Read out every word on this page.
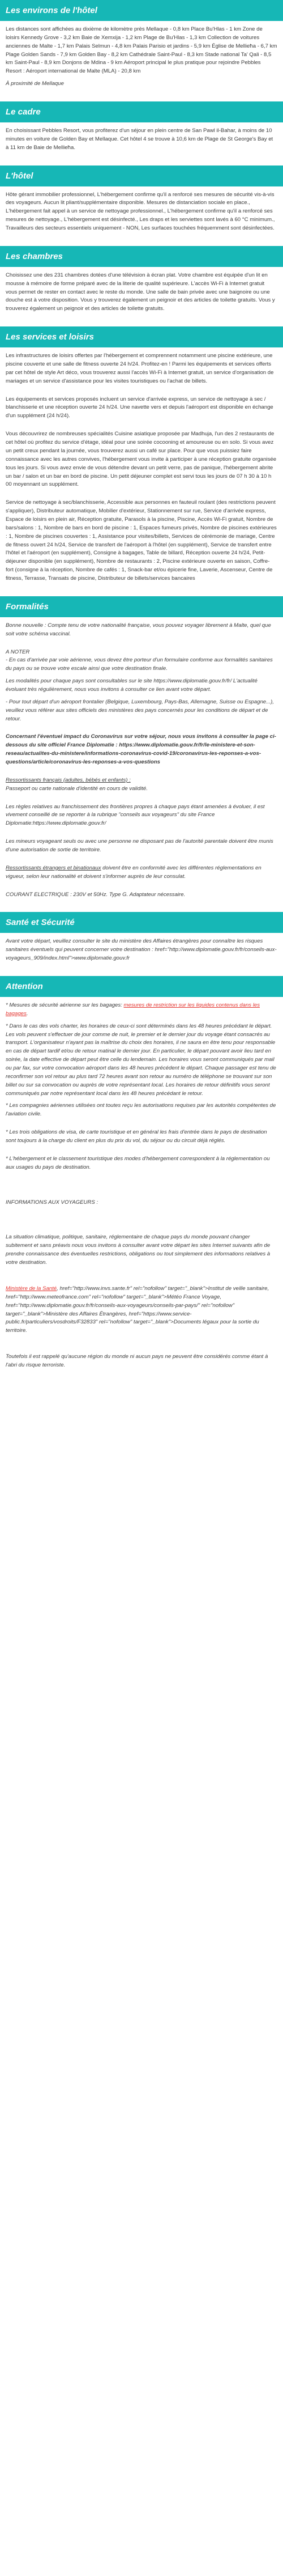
Les environs de l'hôtel

Les distances sont affichées au dixième de kilomètre près Mellaque - 0,8 km Place Bu'Hlas - 1 km Zone de loisirs Kennedy Grove - 3,2 km Baie de Xemxija - 1,2 km Plage de Bu'Hlas - 1,3 km Collection de voitures anciennes de Malte - 1,7 km Palais Selmun - 4,8 km Palais Parisio et jardins - 5,9 km Église de Mellieħa - 6,7 km Plage Golden Sands - 7,9 km Golden Bay - 8,2 km Cathédrale Saint-Paul - 8,3 km Stade national Ta' Qali - 8,5 km Saint-Paul - 8,9 km Donjons de Mdina - 9 km Aéroport principal le plus pratique pour rejoindre Pebbles Resort : Aéroport international de Malte (MLA) - 20,8 km

À proximité de Mellaque

Le cadre

En choisissant Pebbles Resort, vous profiterez d'un séjour en plein centre de San Pawl il-Bahar, à moins de 10 minutes en voiture de Golden Bay et Mellaque. Cet hôtel 4 se trouve à 10,6 km de Plage de St George's Bay et à 11 km de Baie de Mellieħa.

L'hôtel

Hôte gérant immobilier professionnel, L'hébergement confirme qu'il a renforcé ses mesures de sécurité vis-à-vis des voyageurs. Aucun lit pliant/supplémentaire disponible. Mesures de distanciation sociale en place., L'hébergement fait appel à un service de nettoyage professionnel., L'hébergement confirme qu'il a renforcé ses mesures de nettoyage., L'hébergement est désinfecté., Les draps et les serviettes sont lavés à 60 °C minimum., Travailleurs des secteurs essentiels uniquement - NON, Les surfaces touchées fréquemment sont désinfectées.

Les chambres

Choisissez une des 231 chambres dotées d'une télévision à écran plat. Votre chambre est équipée d'un lit en mousse à mémoire de forme préparé avec de la literie de qualité supérieure. L'accès Wi-Fi à Internet gratuit vous permet de rester en contact avec le reste du monde. Une salle de bain privée avec une baignoire ou une douche est à votre disposition. Vous y trouverez également un peignoir et des articles de toilette gratuits. Vous y trouverez également un peignoir et des articles de toilette gratuits.

Les services et loisirs

Les infrastructures de loisirs offertes par l'hébergement et comprennent notamment une piscine extérieure, une piscine couverte et une salle de fitness ouverte 24 h/24. Profitez-en ! Parmi les équipements et services offerts par cet hôtel de style Art déco, vous trouverez aussi l'accès Wi-Fi à Internet gratuit, un service d'organisation de mariages et un service d'assistance pour les visites touristiques ou l'achat de billets.

Les équipements et services proposés incluent un service d'arrivée express, un service de nettoyage à sec / blanchisserie et une réception ouverte 24 h/24. Une navette vers et depuis l'aéroport est disponible en échange d'un supplément (24 h/24).

Vous découvrirez de nombreuses spécialités Cuisine asiatique proposée par Madhuja, l'un des 2 restaurants de cet hôtel où profitez du service d'étage, idéal pour une soirée cocooning et amoureuse ou en solo. Si vous avez un petit creux pendant la journée, vous trouverez aussi un café sur place. Pour que vous puissiez faire connaissance avec les autres convives, l'hébergement vous invite à participer à une réception gratuite organisée tous les jours. Si vous avez envie de vous détendre devant un petit verre, pas de panique, l'hébergement abrite un bar / salon et un bar en bord de piscine. Un petit déjeuner complet est servi tous les jours de 07 h 30 à 10 h 00 moyennant un supplément.

Service de nettoyage à sec/blanchisserie, Accessible aux personnes en fauteuil roulant (des restrictions peuvent s'appliquer), Distributeur automatique, Mobilier d'extérieur, Stationnement sur rue, Service d'arrivée express, Espace de loisirs en plein air, Réception gratuite, Parasols à la piscine, Piscine, Accès Wi-Fi gratuit, Nombre de bars/salons : 1, Nombre de bars en bord de piscine : 1, Espaces fumeurs privés, Nombre de piscines extérieures : 1, Nombre de piscines couvertes : 1, Assistance pour visites/billets, Services de cérémonie de mariage, Centre de fitness ouvert 24 h/24, Service de transfert de l'aéroport à l'hôtel (en supplément), Service de transfert entre l'hôtel et l'aéroport (en supplément), Consigne à bagages, Table de billard, Réception ouverte 24 h/24, Petit-déjeuner disponible (en supplément), Nombre de restaurants : 2, Piscine extérieure ouverte en saison, Coffre-fort (consigne à la réception, Nombre de cafés : 1, Snack-bar et/ou épicerie fine, Laverie, Ascenseur, Centre de fitness, Terrasse, Transats de piscine, Distributeur de billets/services bancaires

Formalités

Bonne nouvelle : Compte tenu de votre nationalité française, vous pouvez voyager librement à Malte, quel que soit votre schéma vaccinal.

A NOTER

- En cas d'arrivée par voie aérienne, vous devez être porteur d'un formulaire conforme aux formalités sanitaires du pays ou se trouve votre escale ainsi que votre destination finale.

Les modalités pour chaque pays sont consultables sur le site https://www.diplomatie.gouv.fr/fr/ L'actualité évoluant très régulièrement, nous vous invitons à consulter ce lien avant votre départ.

- Pour tout départ d'un aéroport frontalier (Belgique, Luxembourg, Pays-Bas, Allemagne, Suisse ou Espagne...), veuillez vous référer aux sites officiels des ministères des pays concernés pour les conditions de départ et de retour.

Concernant l'éventuel impact du Coronavirus sur votre séjour, nous vous invitons à consulter la page ci-dessous du site officiel France Diplomatie : https://www.diplomatie.gouv.fr/fr/le-ministere-et-son-reseau/actualites-du-ministere/informations-coronavirus-covid-19/coronavirus-les-reponses-a-vos-questions/article/coronavirus-les-reponses-a-vos-questions

Ressortissants français (adultes, bébés et enfants) :

Passeport ou carte nationale d'identité en cours de validité.

Les règles relatives au franchissement des frontières propres à chaque pays étant amenées à évoluer, il est vivement conseillé de se reporter à la rubrique "conseils aux voyageurs" du site France Diplomatie:https://www.diplomatie.gouv.fr/

Les mineurs voyageant seuls ou avec une personne ne disposant pas de l'autorité parentale doivent être munis d'une autorisation de sortie de territoire.

Ressortissants étrangers et binationaux doivent être en conformité avec les différentes réglementations en vigueur, selon leur nationalité et doivent s'informer auprès de leur consulat.

COURANT ELECTRIQUE : 230V et 50Hz. Type G. Adaptateur nécessaire.

Santé et Sécurité

Avant votre départ, veuillez consulter le site du ministère des Affaires étrangères pour connaître les risques sanitaires éventuels qui peuvent concerner votre destination : href="http://www.diplomatie.gouv.fr/fr/conseils-aux-voyageurs_909/index.html">www.diplomatie.gouv.fr

Attention

* Mesures de sécurité aérienne sur les bagages: mesures de restriction sur les liquides contenus dans les bagages.

* Dans le cas des vols charter, les horaires de ceux-ci sont déterminés dans les 48 heures précédant le départ. Les vols peuvent s'effectuer de jour comme de nuit, le premier et le dernier jour du voyage étant consacrés au transport. L'organisateur n'ayant pas la maîtrise du choix des horaires, il ne saura en être tenu pour responsable en cas de départ tardif et/ou de retour matinal le dernier jour. En particulier, le départ pouvant avoir lieu tard en soirée, la date effective de départ peut être celle du lendemain. Les horaires vous seront communiqués par mail ou par fax, sur votre convocation aéroport dans les 48 heures précédent le départ. Chaque passager est tenu de reconfirmer son vol retour au plus tard 72 heures avant son retour au numéro de téléphone se trouvant sur son billet ou sur sa convocation ou auprès de votre représentant local. Les horaires de retour définitifs vous seront communiqués par notre représentant local dans les 48 heures précédant le retour.

* Les compagnies aériennes utilisées ont toutes reçu les autorisations requises par les autorités compétentes de l'aviation civile.

* Les trois obligations de visa, de carte touristique et en général les frais d'entrée dans le pays de destination sont toujours à la charge du client en plus du prix du vol, du séjour ou du circuit déjà réglés.

* L'hébergement et le classement touristique des modes d'hébergement correspondent à la réglementation ou aux usages du pays de destination.

INFORMATIONS AUX VOYAGEURS :

La situation climatique, politique, sanitaire, réglementaire de chaque pays du monde pouvant changer subitement et sans préavis nous vous invitons à consulter avant votre départ les sites Internet suivants afin de prendre connaissance des éventuelles restrictions, obligations ou tout simplement des informations relatives à votre destination.

Ministère de la Santé, href="http://www.invs.sante.fr" rel="nofollow" target="_blank">Institut de veille sanitaire, href="http://www.meteofrance.com" rel="nofollow" target="_blank">Météo France Voyage, href="http://www.diplomatie.gouv.fr/fr/conseils-aux-voyageurs/conseils-par-pays/" rel="nofollow" target="_blank">Ministère des Affaires Étrangères, href="https://www.service-public.fr/particuliers/vosdroits/F32833" rel="nofollow" target="_blank">Documents légaux pour la sortie du territoire.

Toutefois il est rappelé qu'aucune région du monde ni aucun pays ne peuvent être considérés comme étant à l'abri du risque terroriste.
